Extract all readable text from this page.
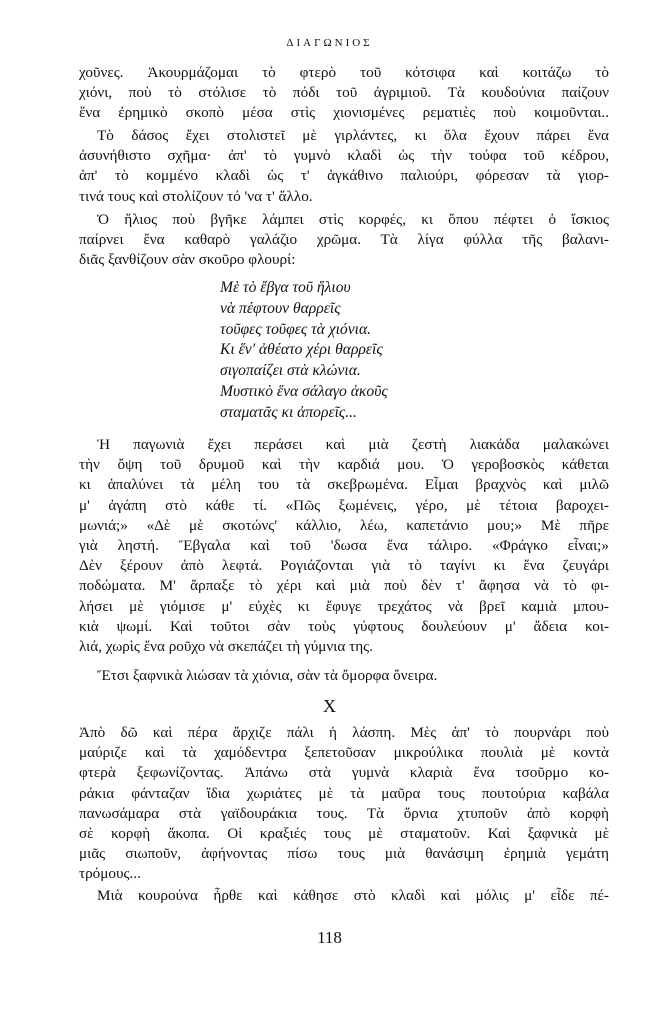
ΔΙΑΓΩΝΙΟΣ
χοῦνες. Ἀκουρμάζομαι τὸ φτερὸ τοῦ κότσιφα καὶ κοιτάζω τὸ
χιόνι, ποὺ τὸ στόλισε τὸ πόδι τοῦ ἀγριμιοῦ. Τὰ κουδούνια παίζουν
ἕνα ἐρημικὸ σκοπὸ μέσα στὶς χιονισμένες ρεματιὲς ποὺ κοιμοῦνται..
Τὸ δάσος ἔχει στολιστεῖ μὲ γιρλάντες, κι ὅλα ἔχουν πάρει ἕνα
ἀσυνήθιστο σχῆμα· ἀπ' τὸ γυμνὸ κλαδὶ ὡς τὴν τούφα τοῦ κέδρου,
ἀπ' τὸ κομμένο κλαδὶ ὡς τ' ἀγκάθινο παλιούρι, φόρεσαν τὰ γιορ-
τινά τους καὶ στολίζουν τό 'να τ' ἄλλο.
Ὁ ἥλιος ποὺ βγῆκε λάμπει στὶς κορφές, κι ὅπου πέφτει ὁ ἴσκιος
παίρνει ἕνα καθαρὸ γαλάζιο χρῶμα. Τὰ λίγα φύλλα τῆς βαλανι-
διᾶς ξανθίζουν σὰν σκοῦρο φλουρί:
Μὲ τὸ ἔβγα τοῦ ἥλιου
νὰ πέφτουν θαρρεῖς
τοῦφες τοῦφες τὰ χιόνια.
Κι ἕν' ἀθέατο χέρι θαρρεῖς
σιγοπαίζει στὰ κλώνια.
Μυστικὸ ἕνα σάλαγο ἀκοῦς
σταματᾶς κι ἀπορεῖς...
Ἡ παγωνιὰ ἔχει περάσει καὶ μιὰ ζεστὴ λιακάδα μαλακώνει
τὴν ὄψη τοῦ δρυμοῦ καὶ τὴν καρδιά μου. Ὁ γεροβοσκὸς κάθεται
κι ἁπαλύνει τὰ μέλη του τὰ σκεβρωμένα. Εἶμαι βραχνὸς καὶ μιλῶ
μ' ἀγάπη στὸ κάθε τί. «Πῶς ξωμένεις, γέρο, μὲ τέτοια βαροχει-
μωνιά;» «Δὲ μὲ σκοτώνς' κάλλιο, λέω, καπετάνιο μου;» Μὲ πῆρε
γιὰ ληστή. Ἔβγαλα καὶ τοῦ 'δωσα ἕνα τάλιρο. «Φράγκο εἶναι;»
Δὲν ξέρουν ἀπὸ λεφτά. Ρογιάζονται γιὰ τὸ ταγίνι κι ἕνα ζευγάρι
ποδώματα. Μ' ἅρπαξε τὸ χέρι καὶ μιὰ ποὺ δὲν τ' ἄφησα νὰ τὸ φι-
λήσει μὲ γιόμισε μ' εὐχὲς κι ἔφυγε τρεχάτος νὰ βρεῖ καμιὰ μπου-
κιὰ ψωμί. Καὶ τοῦτοι σὰν τοὺς γύφτους δουλεύουν μ' ἄδεια κοι-
λιά, χωρὶς ἕνα ροῦχο νὰ σκεπάζει τὴ γύμνια της.
Ἔτσι ξαφνικὰ λιώσαν τὰ χιόνια, σὰν τὰ ὄμορφα ὄνειρα.
X
Ἀπὸ δῶ καὶ πέρα ἄρχιζε πάλι ἡ λάσπη. Μὲς ἀπ' τὸ πουρνάρι ποὺ
μαύριζε καὶ τὰ χαμόδεντρα ξεπετοῦσαν μικρούλικα πουλιὰ μὲ κοντὰ
φτερὰ ξεφωνίζοντας. Ἀπάνω στὰ γυμνὰ κλαριὰ ἕνα τσοῦρμο κο-
ράκια φάνταζαν ἴδια χωριάτες μὲ τὰ μαῦρα τους πουτούρια καβάλα
πανωσάμαρα στὰ γαϊδουράκια τους. Τὰ ὄρνια χτυποῦν ἀπὸ κορφὴ
σὲ κορφὴ ἄκοπα. Οἱ κραξιές τους μὲ σταματοῦν. Καὶ ξαφνικὰ μὲ
μιᾶς σιωποῦν, ἀφήνοντας πίσω τους μιὰ θανάσιμη ἐρημιὰ γεμάτη
τρόμους...
Μιὰ κουρούνα ἦρθε καὶ κάθησε στὸ κλαδὶ καὶ μόλις μ' εἶδε πέ-
118
